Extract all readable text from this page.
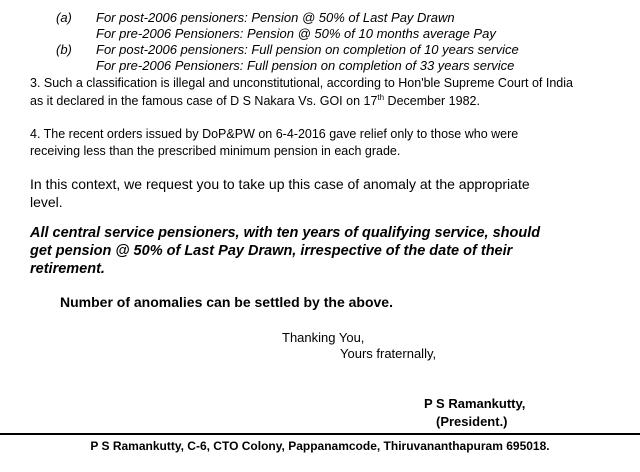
(a) For post-2006 pensioners: Pension @ 50% of Last Pay Drawn
For pre-2006 Pensioners: Pension @ 50% of 10 months average Pay
(b) For post-2006 pensioners: Full pension on completion of 10 years service
For pre-2006 Pensioners: Full pension on completion of 33 years service
3. Such a classification is illegal and unconstitutional, according to Hon'ble Supreme Court of India
as it declared in the famous case of D S Nakara Vs. GOI on 17th December 1982.
4. The recent orders issued by DoP&PW on 6-4-2016 gave relief only to those who were
receiving less than the prescribed minimum pension in each grade.
In this context, we request you to take up this case of anomaly at the appropriate
level.
All central service pensioners, with ten years of qualifying service, should
get pension @ 50% of Last Pay Drawn, irrespective of the date of their
retirement.
Number of anomalies can be settled by the above.
Thanking You,
Yours fraternally,
P S Ramankutty,
(President.)
P S Ramankutty, C-6, CTO Colony, Pappanamcode, Thiruvananthapuram 695018.
